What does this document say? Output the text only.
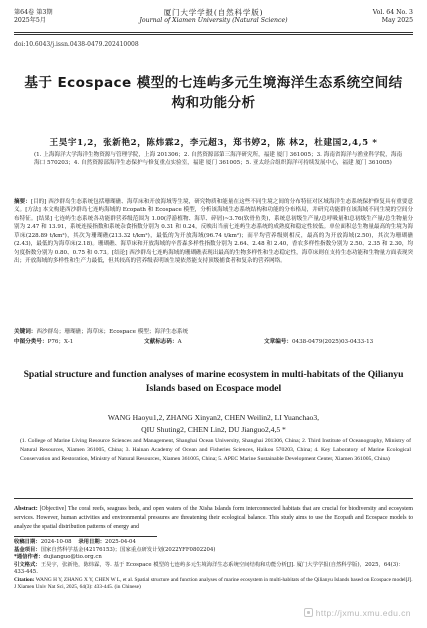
第64卷 第3期
2025年5月
厦门大学学报(自然科学版)
Journal of Xiamen University (Natural Science)
Vol. 64 No. 3
May 2025
doi:10.6043/j.issn.0438-0479.202410008
基于 Ecospace 模型的七连屿多元生境海洋生态系统空间结构和功能分析
王昊宇1,2，张新艳2，陈炜霖2，李元超3，郑书婷2，陈 林2，杜建国2,4,5 *
(1. 上海海洋大学海洋生物资源与管理学院，上海 201306；2. 自然资源部第三海洋研究所，福建 厦门 361005；3. 海南省海洋与渔业科学院，海南 海口 570203；4. 自然资源部海洋生态保护与修复重点实验室，福建 厦门 361005；5. 亚太经合组织海洋可持续发展中心，福建 厦门 361005)
摘要：[目的] 西沙群岛生态系统包括珊瑚礁、海草床和开放海域等生境，研究物质和能量在这些不同生境之间的分布特征对区域海洋生态系统保护修复具有重要意义。[方法] 本文构建西沙群岛七连屿海域的 Ecopath 和 Ecospace 模型，分析该海域生态系统结构和功能的分布格局，并研究功能群在该海域不同生境的空间分布特征。[结果] 七连屿生态系统各功能群营养级范围为 1.00(浮游植物、海草、碎屑)~3.76(软骨鱼类)，系统总初级生产量/总呼吸量和总初级生产量/总生物量分别为 2.47 和 13.91，系统连接指数和系统杂食指数分别为 0.31 和 0.24，反映出当前七连屿生态系统的成熟度和稳定性较低。单位面积总生物量最高的生境为海草床(228.89 t/km²)，其次为珊瑚礁(213.32 t/km²)，最低的为开放海域(96.74 t/km²)；而平均营养级则相反，最高的为开放海域(2.50)，其次为珊瑚礁(2.43)，最低的为海草床(2.18)。珊瑚礁、海草床和开放海域的辛普森多样性指数分别为 2.64、2.48 和 2.40，香农多样性指数分别为 2.50、2.35 和 2.30，均匀度指数分别为 0.80、0.75 和 0.73。[结论] 西沙群岛七连屿海域的珊瑚礁表现出最高的生物多样性和生态稳定性，海草床则在支持生态功能和生物量方面表现突出；开放海域的多样性和生产力最低，但其较高的营养级表明该生境依然能支持顶级捕食者和复杂的营养网络。
关键词：西沙群岛；珊瑚礁；海草床；Ecospace 模型；海洋生态系统
中图分类号：P76；X-1	文献标志码：A	文章编号：0438-0479(2025)03-0433-13
Spatial structure and function analyses of marine ecosystem in multi-habitats of the Qilianyu Islands based on Ecospace model
WANG Haoyu1,2, ZHANG Xinyan2, CHEN Weilin2, LI Yuanchao3,
QIU Shuting2, CHEN Lin2, DU Jianguo2,4,5 *
(1. College of Marine Living Resource Sciences and Management, Shanghai Ocean University, Shanghai 201306, China; 2. Third Institute of Oceanography, Ministry of Natural Resources, Xiamen 361005, China; 3. Hainan Academy of Ocean and Fisheries Sciences, Haikou 570203, China; 4. Key Laboratory of Marine Ecological Conservation and Restoration, Ministry of Natural Resources, Xiamen 361005, China; 5. APEC Marine Sustainable Development Center, Xiamen 361005, China)
Abstract: [Objective] The coral reefs, seagrass beds, and open waters of the Xisha Islands form interconnected habitats that are crucial for biodiversity and ecosystem services. However, human activities and environmental pressures are threatening their ecological balance. This study aims to use the Ecopath and Ecospace models to analyze the spatial distribution patterns of energy and
收稿日期：2024-10-08 录用日期：2025-04-04
基金项目：国家自然科学基金(42176153)；国家重点研发计划(2022YFF0802204)
*通信作者：dujianguo@tio.org.cn
引文格式：王昊宇，张新艳，陈炜霖，等. 基于 Ecospace 模型的七连屿多元生境海洋生态系统空间结构和功能分析[J]. 厦门大学学报(自然科学版)，2025，64(3)：433-445.
Citation: WANG H Y, ZHANG X Y, CHEN W L, et al. Spatial structure and function analyses of marine ecosystem in multi-habitats of the Qilianyu Islands based on Ecospace model[J]. J Xiamen Univ Nat Sci, 2025, 64(3): 433-445. (in Chinese)
http://jxmu.xmu.edu.cn
